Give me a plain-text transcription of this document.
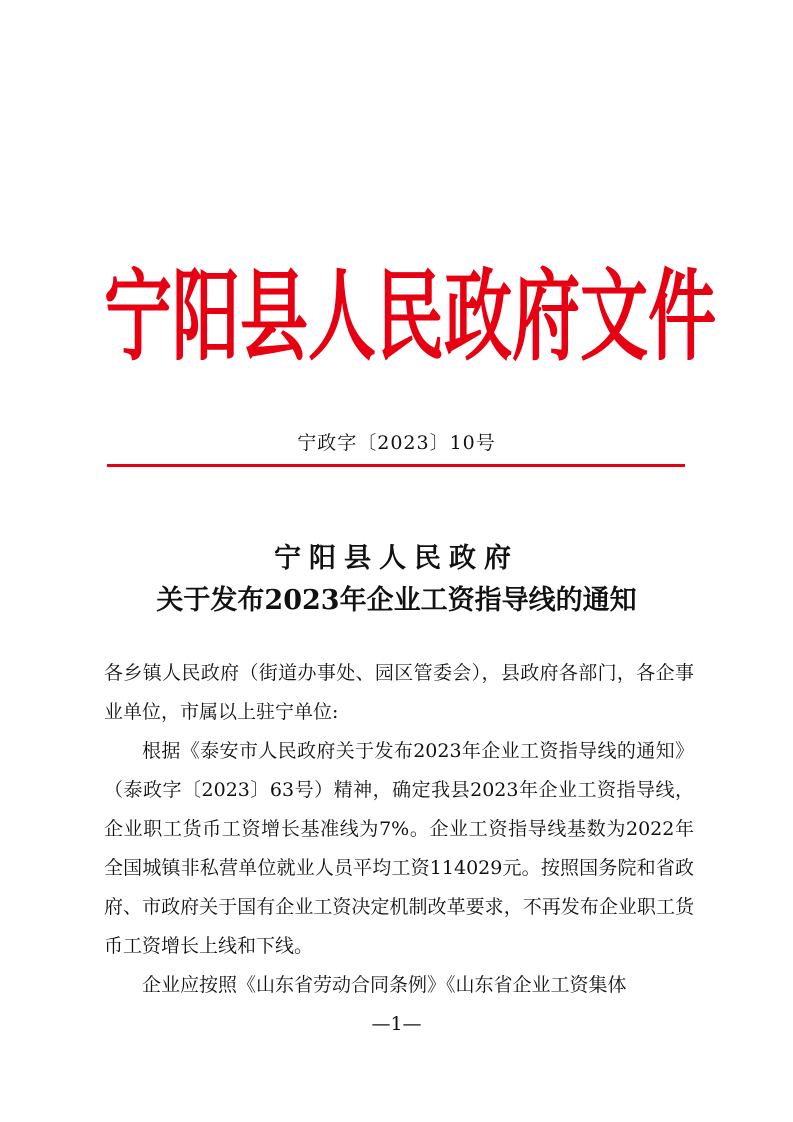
宁 阳 县 人 民 政 府 文 件
宁政字〔2023〕10号
宁阳县人民政府
关于发布2023年企业工资指导线的通知
各乡镇人民政府（街道办事处、园区管委会），县政府各部门，各企事业单位，市属以上驻宁单位:
根据《泰安市人民政府关于发布2023年企业工资指导线的通知》（泰政字〔2023〕63号）精神，确定我县2023年企业工资指导线，企业职工货币工资增长基准线为7%。企业工资指导线基数为2022年全国城镇非私营单位就业人员平均工资114029元。按照国务院和省政府、市政府关于国有企业工资决定机制改革要求，不再发布企业职工货币工资增长上线和下线。
企业应按照《山东省劳动合同条例》《山东省企业工资集体
—1—
